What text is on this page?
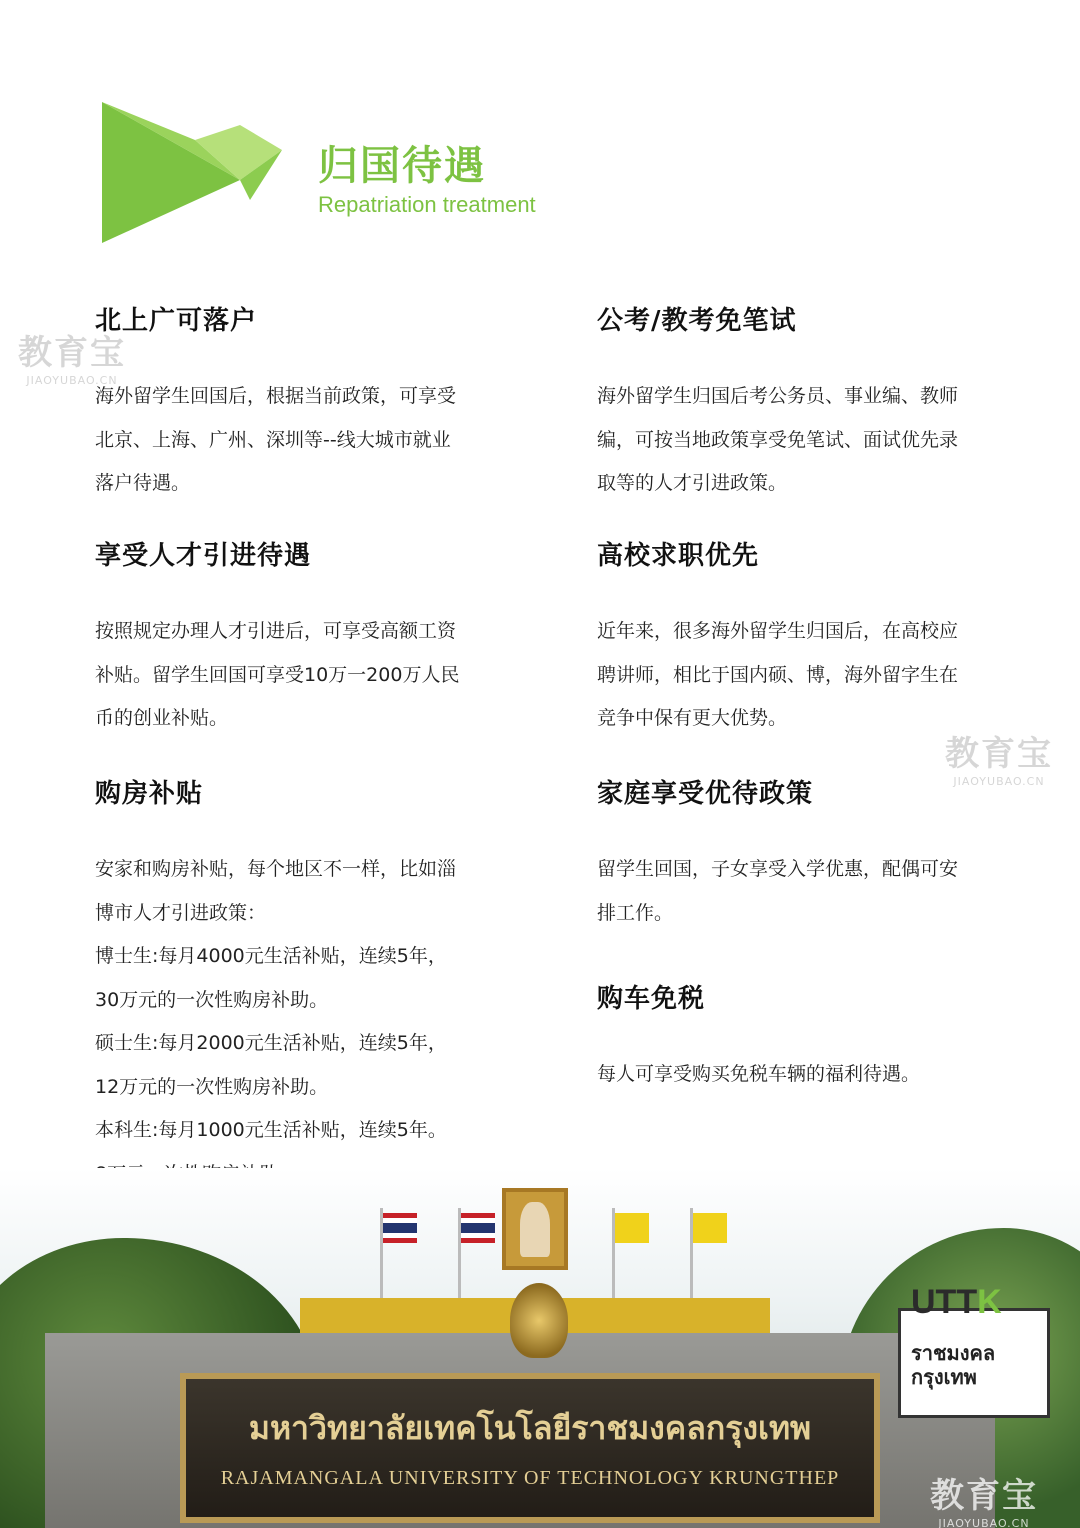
归国待遇
Repatriation treatment
教育宝
JIAOYUBAO.CN
教育宝
JIAOYUBAO.CN
北上广可落户

海外留学生回国后，根据当前政策，可享受
北京、上海、广州、深圳等--线大城市就业
落户待遇。

享受人才引进待遇

按照规定办理人才引进后，可享受高额工资
补贴。留学生回国可享受10万一200万人民
币的创业补贴。

购房补贴

安家和购房补贴，每个地区不一样，比如淄
博市人才引进政策：
博士生:每月4000元生活补贴，连续5年，
30万元的一次性购房补助。
硕士生:每月2000元生活补贴，连续5年，
12万元的一次性购房补助。
本科生:每月1000元生活补贴，连续5年。

公考/教考免笔试

海外留学生归国后考公务员、事业编、教师
编，可按当地政策享受免笔试、面试优先录
取等的人才引进政策。

高校求职优先

近年来，很多海外留学生归国后，在高校应
聘讲师，相比于国内硕、博，海外留字生在
竞争中保有更大优势。

家庭享受优待政策

留学生回国，子女享受入学优惠，配偶可安
排工作。

购车免税

每人可享受购买免税车辆的福利待遇。

มหาวิทยาลัยเทคโนโลยีราชมงคลกรุงเทพ
RAJAMANGALA UNIVERSITY OF TECHNOLOGY KRUNGTHEP
UTTK
ราชมงคล
กรุงเทพ
教育宝
JIAOYUBAO.CN
